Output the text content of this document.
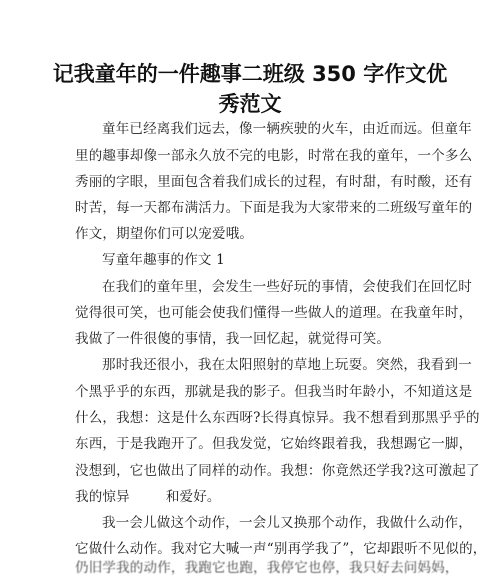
记我童年的一件趣事二班级 350 字作文优
秀范文

童年已经离我们远去，像一辆疾驶的火车，由近而远。但童年

里的趣事却像一部永久放不完的电影，时常在我的童年，一个多么

秀丽的字眼，里面包含着我们成长的过程，有时甜，有时酸，还有

时苦，每一天都布满活力。下面是我为大家带来的二班级写童年的

作文，期望你们可以宠爱哦。

写童年趣事的作文 1

在我们的童年里，会发生一些好玩的事情，会使我们在回忆时

觉得很可笑，也可能会使我们懂得一些做人的道理。在我童年时，

我做了一件很傻的事情，我一回忆起，就觉得可笑。

那时我还很小，我在太阳照射的草地上玩耍。突然，我看到一

个黑乎乎的东西，那就是我的影子。但我当时年龄小，不知道这是

什么，我想：这是什么东西呀?长得真惊异。我不想看到那黑乎乎的

东西，于是我跑开了。但我发觉，它始终跟着我，我想踢它一脚，

没想到，它也做出了同样的动作。我想：你竟然还学我?这可激起了

我的惊异	和爱好。

我一会儿做这个动作，一会儿又换那个动作，我做什么动作，

它做什么动作。我对它大喊一声“别再学我了”，它却跟听不见似的，

仍旧学我的动作，我跑它也跑，我停它也停，我只好去问妈妈，
